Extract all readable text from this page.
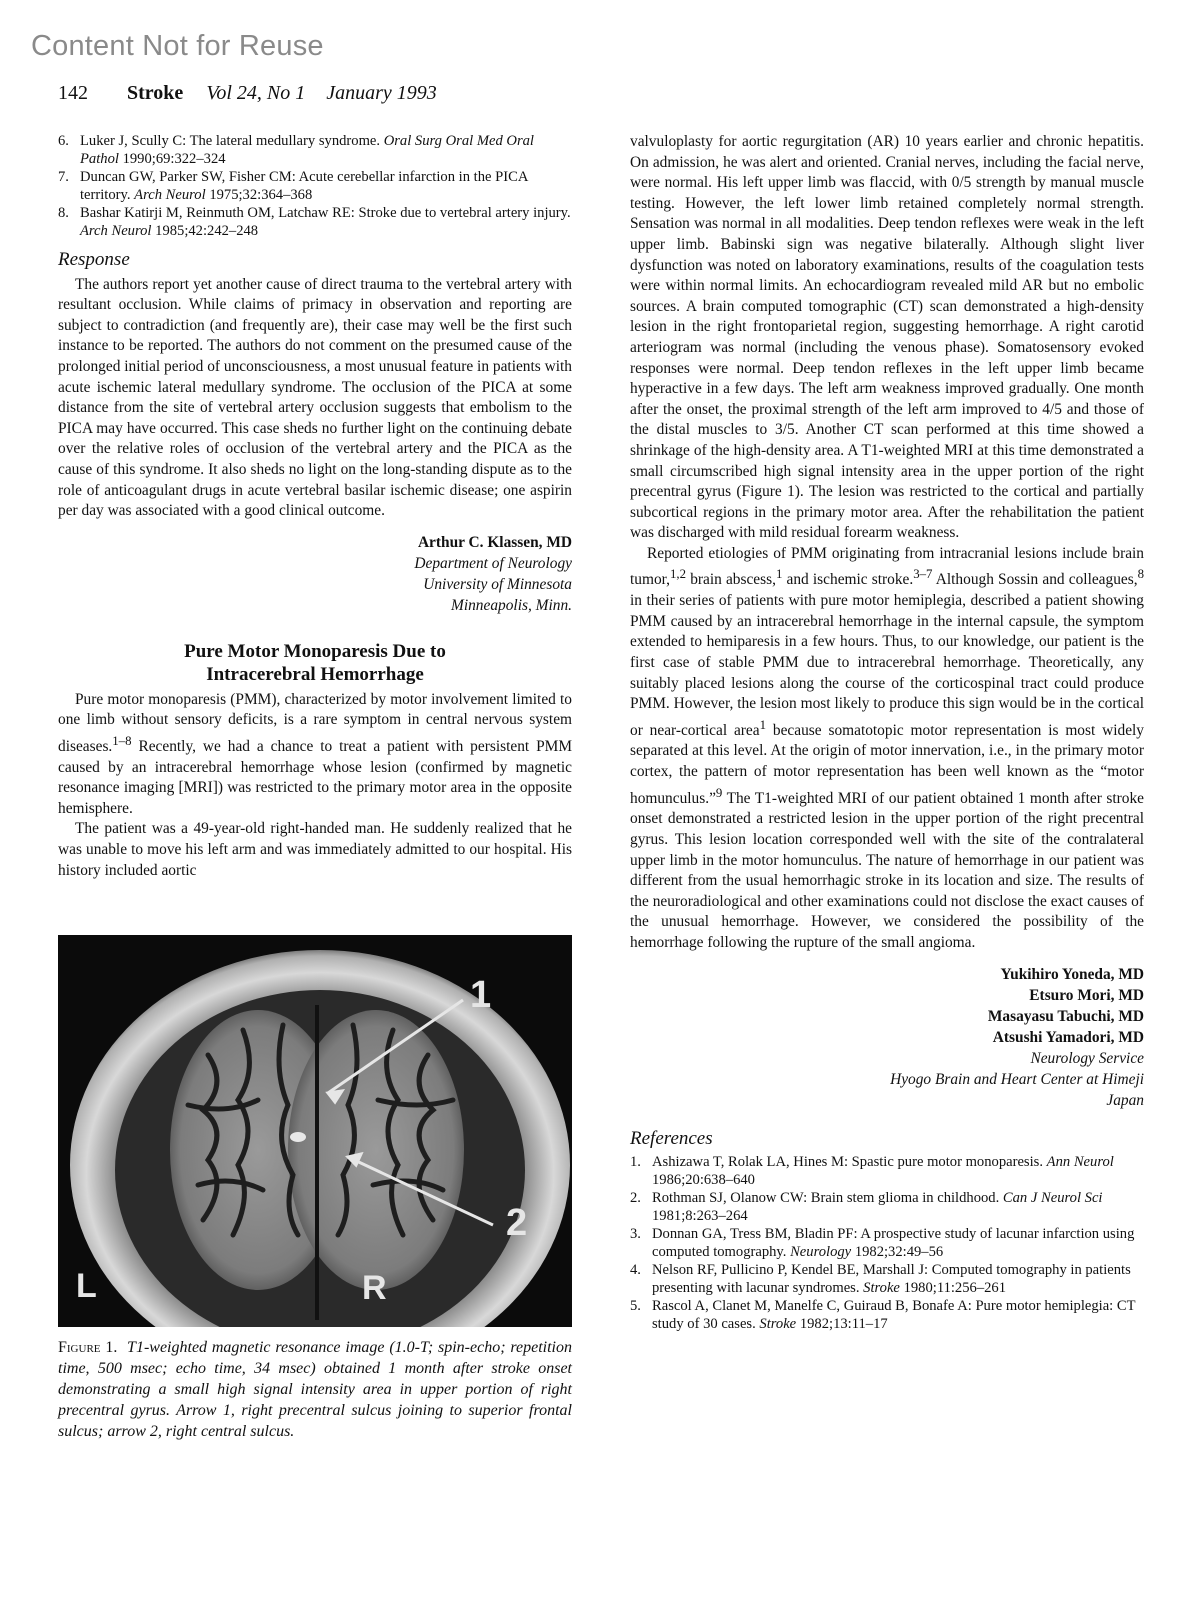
Content Not for Reuse
142 Stroke Vol 24, No 1 January 1993
6. Luker J, Scully C: The lateral medullary syndrome. Oral Surg Oral Med Oral Pathol 1990;69:322–324
7. Duncan GW, Parker SW, Fisher CM: Acute cerebellar infarction in the PICA territory. Arch Neurol 1975;32:364–368
8. Bashar Katirji M, Reinmuth OM, Latchaw RE: Stroke due to vertebral artery injury. Arch Neurol 1985;42:242–248
Response

The authors report yet another cause of direct trauma to the vertebral artery with resultant occlusion. While claims of primacy in observation and reporting are subject to contradiction (and frequently are), their case may well be the first such instance to be reported. The authors do not comment on the presumed cause of the prolonged initial period of unconsciousness, a most unusual feature in patients with acute ischemic lateral medullary syndrome. The occlusion of the PICA at some distance from the site of vertebral artery occlusion suggests that embolism to the PICA may have occurred. This case sheds no further light on the continuing debate over the relative roles of occlusion of the vertebral artery and the PICA as the cause of this syndrome. It also sheds no light on the long-standing dispute as to the role of anticoagulant drugs in acute vertebral basilar ischemic disease; one aspirin per day was associated with a good clinical outcome.

Arthur C. Klassen, MD
Department of Neurology
University of Minnesota
Minneapolis, Minn.
Pure Motor Monoparesis Due to
Intracerebral Hemorrhage

Pure motor monoparesis (PMM), characterized by motor involvement limited to one limb without sensory deficits, is a rare symptom in central nervous system diseases.$^{1-8}$ Recently, we had a chance to treat a patient with persistent PMM caused by an intracerebral hemorrhage whose lesion (confirmed by magnetic resonance imaging [MRI]) was restricted to the primary motor area in the opposite hemisphere.

The patient was a 49-year-old right-handed man. He suddenly realized that he was unable to move his left arm and was immediately admitted to our hospital. His history included aortic

1
2
L	R
Figure 1. T1-weighted magnetic resonance image (1.0-T; spin-echo; repetition time, 500 msec; echo time, 34 msec) obtained 1 month after stroke onset demonstrating a small high signal intensity area in upper portion of right precentral gyrus. Arrow 1, right precentral sulcus joining to superior frontal sulcus; arrow 2, right central sulcus.

valvuloplasty for aortic regurgitation (AR) 10 years earlier and chronic hepatitis. On admission, he was alert and oriented. Cranial nerves, including the facial nerve, were normal. His left upper limb was flaccid, with 0/5 strength by manual muscle testing. However, the left lower limb retained completely normal strength. Sensation was normal in all modalities. Deep tendon reflexes were weak in the left upper limb. Babinski sign was negative bilaterally. Although slight liver dysfunction was noted on laboratory examinations, results of the coagulation tests were within normal limits. An echocardiogram revealed mild AR but no embolic sources. A brain computed tomographic (CT) scan demonstrated a high-density lesion in the right frontoparietal region, suggesting hemorrhage. A right carotid arteriogram was normal (including the venous phase). Somatosensory evoked responses were normal. Deep tendon reflexes in the left upper limb became hyperactive in a few days. The left arm weakness improved gradually. One month after the onset, the proximal strength of the left arm improved to 4/5 and those of the distal muscles to 3/5. Another CT scan performed at this time showed a shrinkage of the high-density area. A T1-weighted MRI at this time demonstrated a small circumscribed high signal intensity area in the upper portion of the right precentral gyrus (Figure 1). The lesion was restricted to the cortical and partially subcortical regions in the primary motor area. After the rehabilitation the patient was discharged with mild residual forearm weakness.

Reported etiologies of PMM originating from intracranial lesions include brain tumor,$^{1,2}$ brain abscess,$^1$ and ischemic stroke.$^{3-7}$ Although Sossin and colleagues,$^8$ in their series of patients with pure motor hemiplegia, described a patient showing PMM caused by an intracerebral hemorrhage in the internal capsule, the symptom extended to hemiparesis in a few hours. Thus, to our knowledge, our patient is the first case of stable PMM due to intracerebral hemorrhage. Theoretically, any suitably placed lesions along the course of the corticospinal tract could produce PMM. However, the lesion most likely to produce this sign would be in the cortical or near-cortical area$^1$ because somatotopic motor representation is most widely separated at this level. At the origin of motor innervation, i.e., in the primary motor cortex, the pattern of motor representation has been well known as the “motor homunculus.”$^9$ The T1-weighted MRI of our patient obtained 1 month after stroke onset demonstrated a restricted lesion in the upper portion of the right precentral gyrus. This lesion location corresponded well with the site of the contralateral upper limb in the motor homunculus. The nature of hemorrhage in our patient was different from the usual hemorrhagic stroke in its location and size. The results of the neuroradiological and other examinations could not disclose the exact causes of the unusual hemorrhage. However, we considered the possibility of the hemorrhage following the rupture of the small angioma.

Yukihiro Yoneda, MD
Etsuro Mori, MD
Masayasu Tabuchi, MD
Atsushi Yamadori, MD
Neurology Service
Hyogo Brain and Heart Center at Himeji
Japan
References
1. Ashizawa T, Rolak LA, Hines M: Spastic pure motor monoparesis. Ann Neurol 1986;20:638–640
2. Rothman SJ, Olanow CW: Brain stem glioma in childhood. Can J Neurol Sci 1981;8:263–264
3. Donnan GA, Tress BM, Bladin PF: A prospective study of lacunar infarction using computed tomography. Neurology 1982;32:49–56
4. Nelson RF, Pullicino P, Kendel BE, Marshall J: Computed tomography in patients presenting with lacunar syndromes. Stroke 1980;11:256–261
5. Rascol A, Clanet M, Manelfe C, Guiraud B, Bonafe A: Pure motor hemiplegia: CT study of 30 cases. Stroke 1982;13:11–17
